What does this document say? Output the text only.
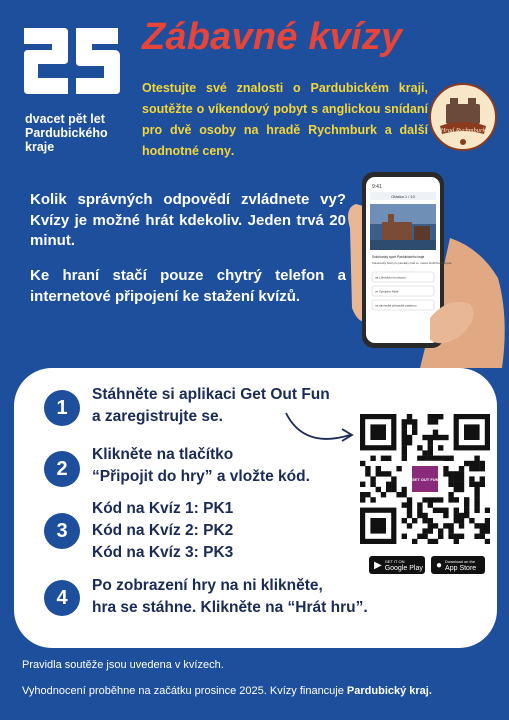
dvacet pět let
Pardubického
kraje
Zábavné kvízy
Otestujte své znalosti o Pardubickém kraji, soutěžte o víkendový pobyt s anglickou snídaní pro dvě osoby na hradě Rychmburk a další hodnotné ceny.
Hrad Rychmburk
Kolik správných odpovědí zvládnete vy? Kvízy je možné hrát kdekoliv. Jeden trvá 20 minut.
Ke hraní stačí pouze chytrý telefon a internetové připojení ke stažení kvízů.
9:41
Otázka 1 / 10
Sokolovský sport Pardubického kraje
Sokolovský bratr pro památky hrad sv. města Jindřicha Vařejova.
na Líšnickém horizontu
ve Vysokém Mýtě
na zámecké přístavbě pavilonu
1
Stáhněte si aplikaci Get Out Fun
a zaregistrujte se.
2
Klikněte na tlačítko
“Připojit do hry” a vložte kód.
3
Kód na Kvíz 1: PK1
Kód na Kvíz 2: PK2
Kód na Kvíz 3: PK3
4
Po zobrazení hry na ni klikněte,
hra se stáhne. Klikněte na “Hrát hru”.
GET OUT FUN
▶ GET IT ON
Google Play ● Download on the
App Store
Pravidla soutěže jsou uvedena v kvízech.
Vyhodnocení proběhne na začátku prosince 2025. Kvízy financuje Pardubický kraj.
